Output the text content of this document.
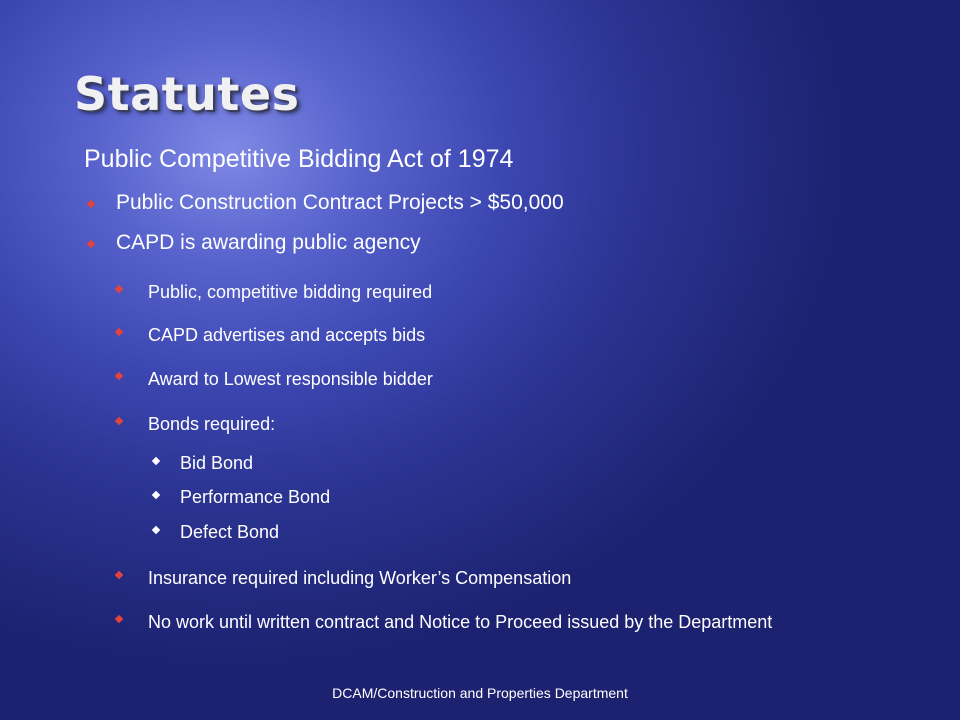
Statutes
Public Competitive Bidding Act of 1974
Public Construction Contract Projects > $50,000
CAPD is awarding public agency
Public, competitive bidding required
CAPD advertises and accepts bids
Award to Lowest responsible bidder
Bonds required:
Bid Bond
Performance Bond
Defect Bond
Insurance required including Worker’s Compensation
No work until written contract and Notice to Proceed issued by the Department
DCAM/Construction and Properties Department
